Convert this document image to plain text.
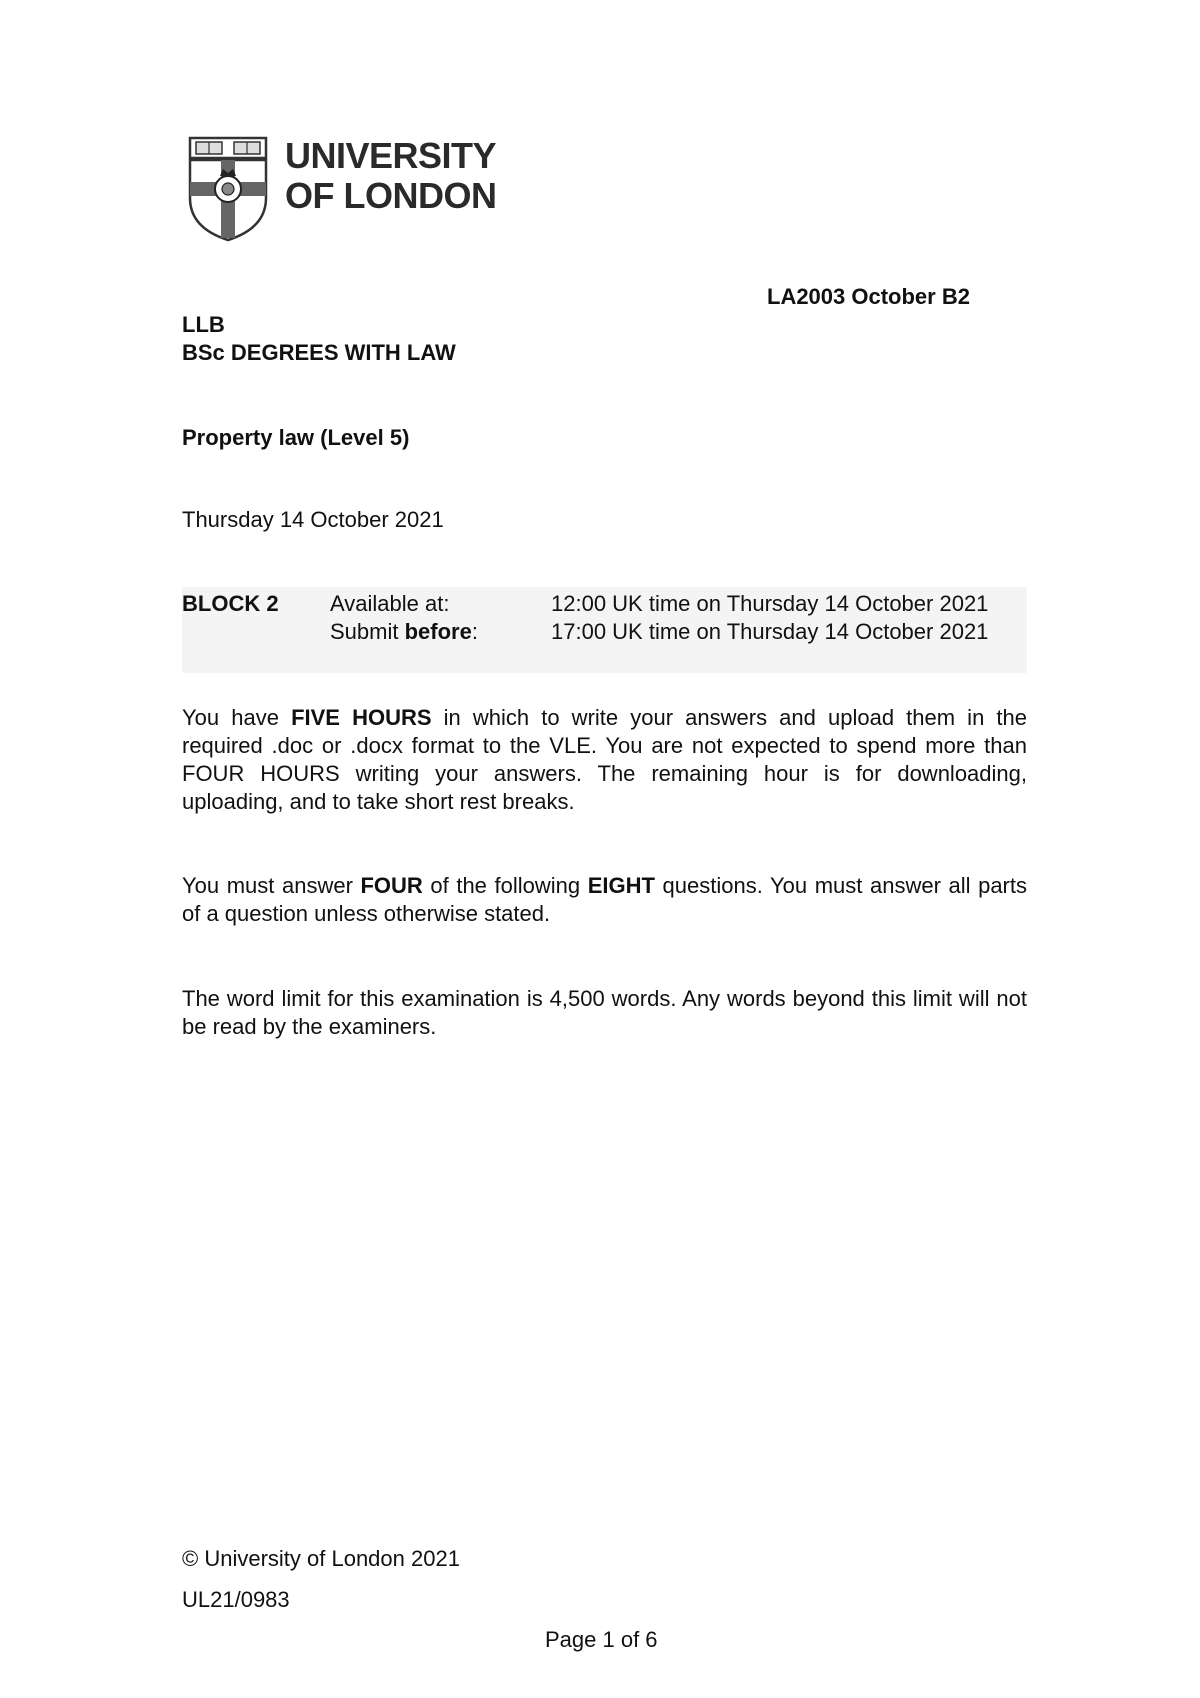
UNIVERSITY
OF LONDON
LA2003 October B2
LLB
BSc DEGREES WITH LAW
Property law (Level 5)
Thursday 14 October 2021
BLOCK 2 Available at:	12:00 UK time on Thursday 14 October 2021
Submit before:	17:00 UK time on Thursday 14 October 2021
You have FIVE HOURS in which to write your answers and upload them in the required .doc or .docx format to the VLE. You are not expected to spend more than FOUR HOURS writing your answers. The remaining hour is for downloading, uploading, and to take short rest breaks.
You must answer FOUR of the following EIGHT questions. You must answer all parts of a question unless otherwise stated.
The word limit for this examination is 4,500 words. Any words beyond this limit will not be read by the examiners.
© University of London 2021
UL21/0983
Page 1 of 6
